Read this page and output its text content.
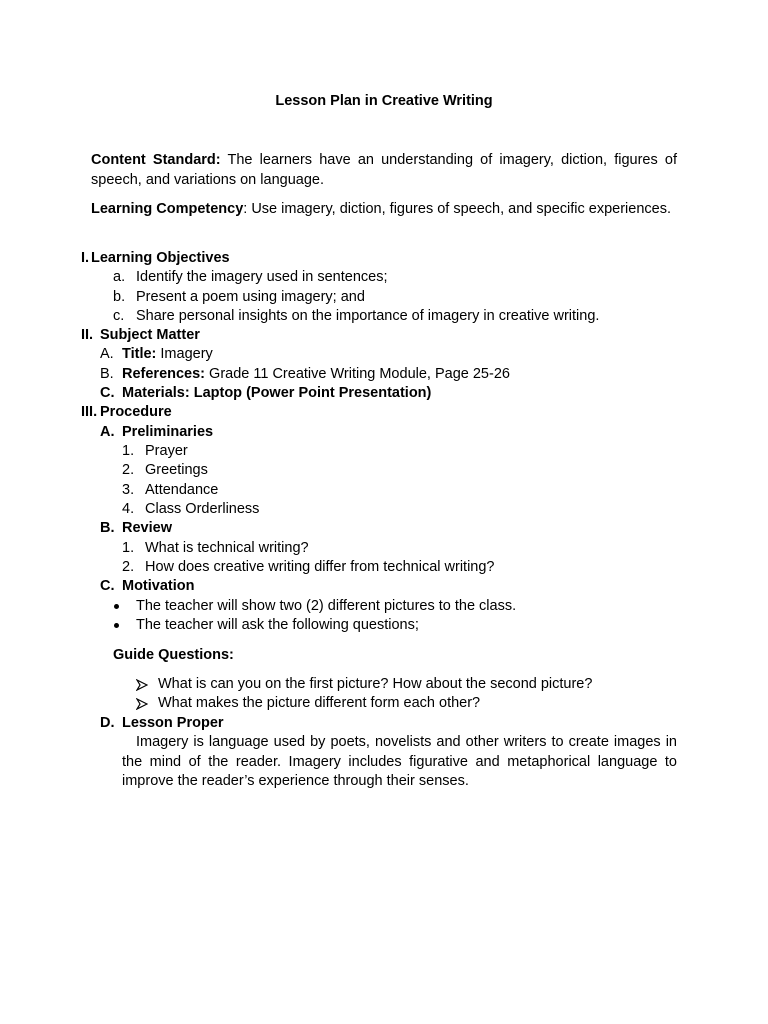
Lesson Plan in Creative Writing
Content Standard: The learners have an understanding of imagery, diction, figures of speech, and variations on language.
Learning Competency: Use imagery, diction, figures of speech, and specific experiences.
I. Learning Objectives
a. Identify the imagery used in sentences;
b. Present a poem using imagery; and
c. Share personal insights on the importance of imagery in creative writing.
II. Subject Matter
A. Title: Imagery
B. References: Grade 11 Creative Writing Module, Page 25-26
C. Materials: Laptop (Power Point Presentation)
III. Procedure
A. Preliminaries
1. Prayer
2. Greetings
3. Attendance
4. Class Orderliness
B. Review
1. What is technical writing?
2. How does creative writing differ from technical writing?
C. Motivation
The teacher will show two (2) different pictures to the class.
The teacher will ask the following questions;
Guide Questions:
What is can you on the first picture? How about the second picture?
What makes the picture different form each other?
D. Lesson Proper
Imagery is language used by poets, novelists and other writers to create images in the mind of the reader. Imagery includes figurative and metaphorical language to improve the reader’s experience through their senses.
